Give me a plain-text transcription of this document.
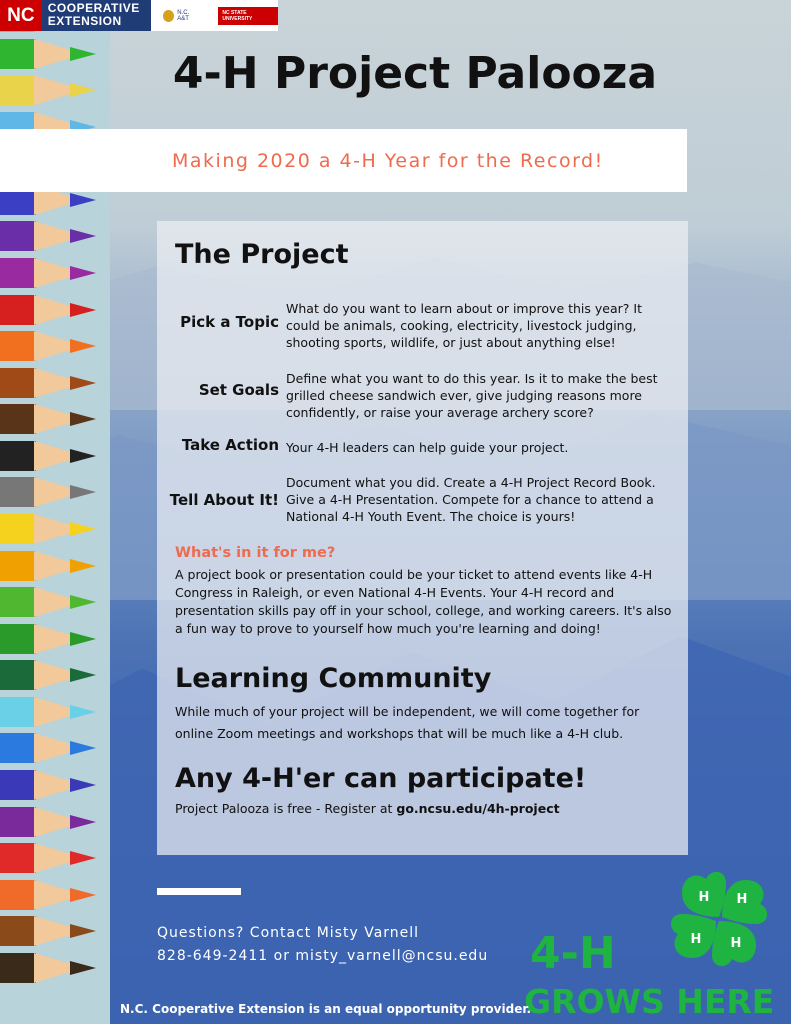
NC	COOPERATIVE
EXTENSION
N.C. A&T
NC STATE UNIVERSITY
4-H Project Palooza
Making 2020 a 4-H Year for the Record!
The Project
Pick a Topic
What do you want to learn about or improve this year? It could be animals, cooking, electricity, livestock judging, shooting sports, wildlife, or just about anything else!
Set Goals
Define what you want to do this year. Is it to make the best grilled cheese sandwich ever, give judging reasons more confidently, or raise your average archery score?
Take Action Your 4-H leaders can help guide your project.
Tell About It!
Document what you did. Create a 4-H Project Record Book. Give a 4-H Presentation. Compete for a chance to attend a National 4-H Youth Event. The choice is yours!
What's in it for me?
A project book or presentation could be your ticket to attend events like 4-H Congress in Raleigh, or even National 4-H Events. Your 4-H record and presentation skills pay off in your school, college, and working careers. It's also a fun way to prove to yourself how much you're learning and doing!
Learning Community
While much of your project will be independent, we will come together for online Zoom meetings and workshops that will be much like a 4-H club.
Any 4-H'er can participate!
Project Palooza is free - Register at go.ncsu.edu/4h-project
Questions? Contact Misty Varnell
828-649-2411 or misty_varnell@ncsu.edu
H H
H
H
4-H
GROWS HERE
N.C. Cooperative Extension is an equal opportunity provider.
